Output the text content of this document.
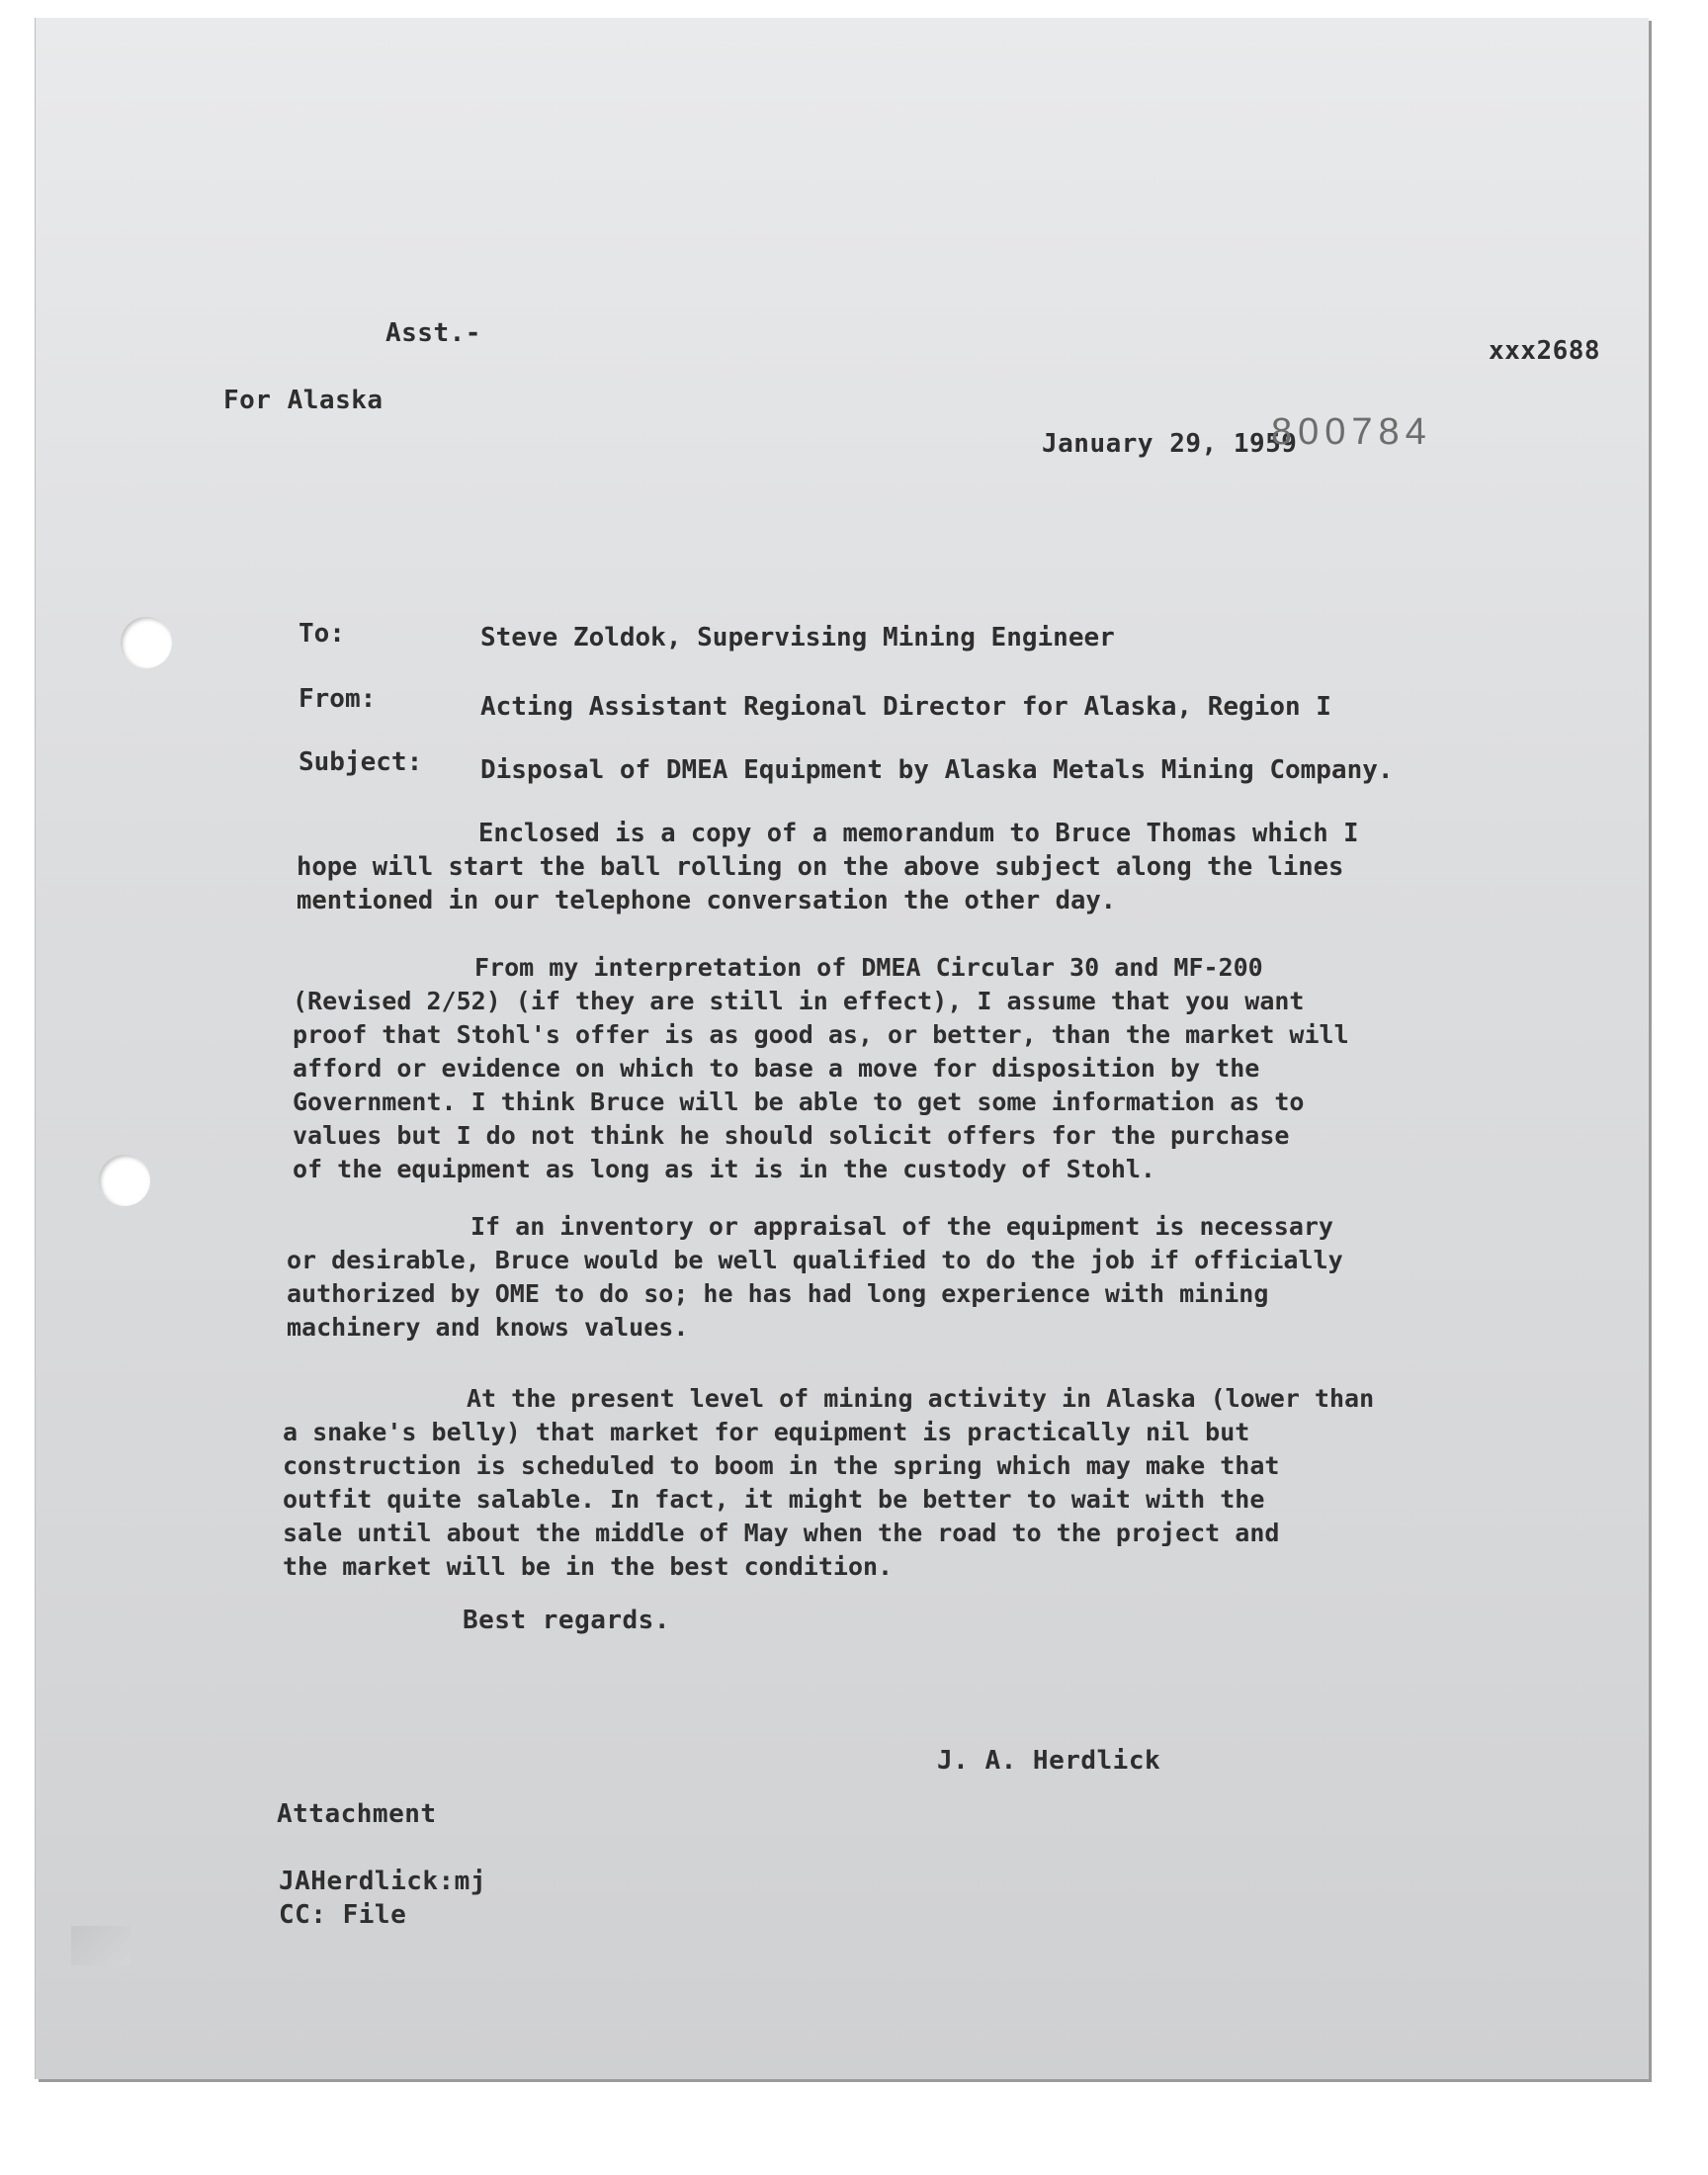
Asst.-
For Alaska
xxx2688
January 29, 1959
800784
To:	Steve Zoldok, Supervising Mining Engineer
From:	Acting Assistant Regional Director for Alaska, Region I
Subject: Disposal of DMEA Equipment by Alaska Metals Mining Company.

Enclosed is a copy of a memorandum to Bruce Thomas which I
hope will start the ball rolling on the above subject along the lines
mentioned in our telephone conversation the other day.

From my interpretation of DMEA Circular 30 and MF-200
(Revised 2/52) (if they are still in effect), I assume that you want
proof that Stohl's offer is as good as, or better, than the market will
afford or evidence on which to base a move for disposition by the
Government. I think Bruce will be able to get some information as to
values but I do not think he should solicit offers for the purchase
of the equipment as long as it is in the custody of Stohl.

If an inventory or appraisal of the equipment is necessary
or desirable, Bruce would be well qualified to do the job if officially
authorized by OME to do so; he has had long experience with mining
machinery and knows values.

At the present level of mining activity in Alaska (lower than
a snake's belly) that market for equipment is practically nil but
construction is scheduled to boom in the spring which may make that
outfit quite salable. In fact, it might be better to wait with the
sale until about the middle of May when the road to the project and
the market will be in the best condition.

Best regards.
J. A. Herdlick
Attachment
JAHerdlick:mj
CC: File
